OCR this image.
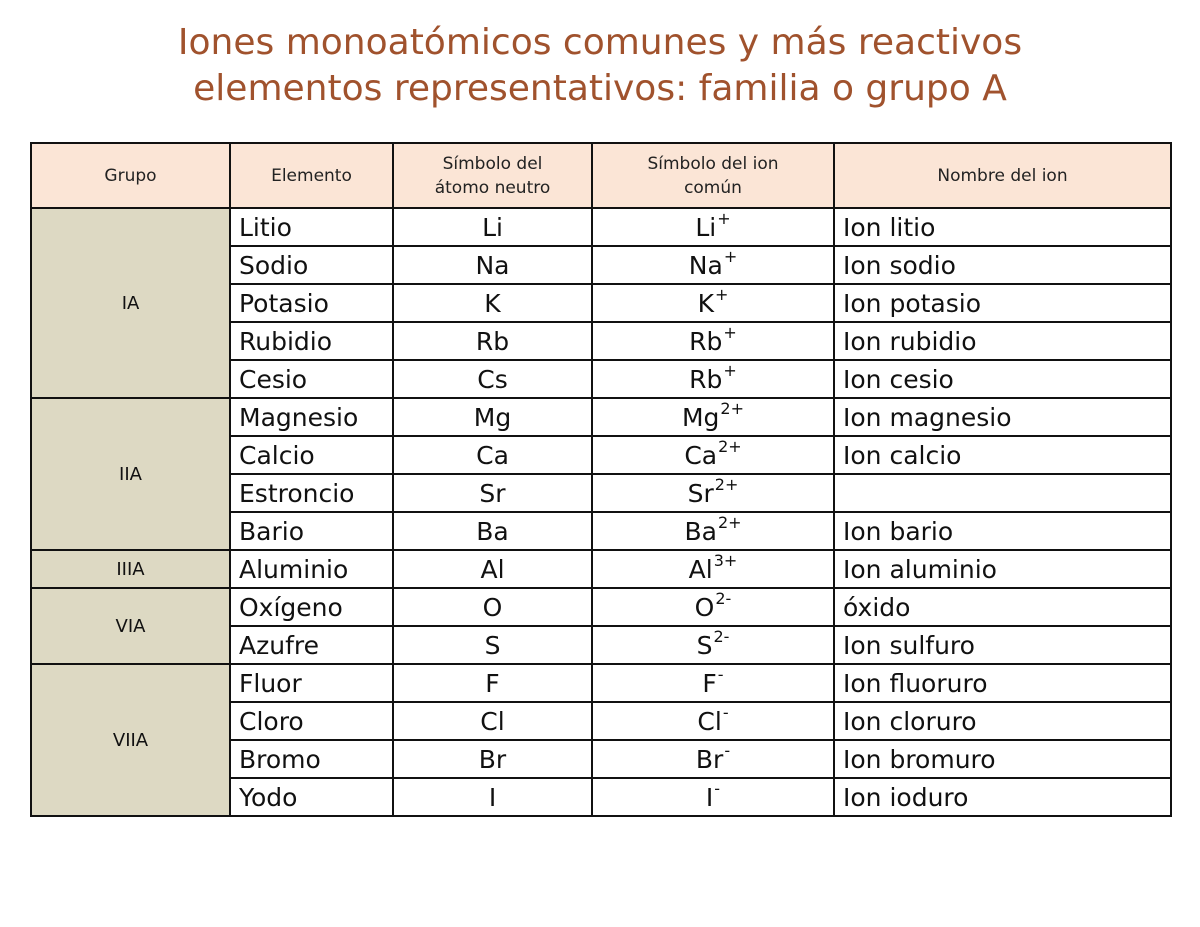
Iones monoatómicos comunes y más reactivos
elementos representativos: familia o grupo A
Grupo	Elemento	Símbolo del átomo neutro	Símbolo del ion común	Nombre del ion
IA	Litio	Li	Li+	Ion litio
	Sodio	Na	Na+	Ion sodio
	Potasio	K	K+	Ion potasio
	Rubidio	Rb	Rb+	Ion rubidio
	Cesio	Cs	Rb+	Ion cesio
IIA	Magnesio	Mg	$Mg^{2+}$	Ion magnesio
	Calcio	Ca	$Ca^{2+}$	Ion calcio
	Estroncio	Sr	$Sr^{2+}$	
	Bario	Ba	$Ba^{2+}$	Ion bario
IIIA	Aluminio	Al	$Al^{3+}$	Ion aluminio
VIA	Oxígeno	O	$O^{2-}$	óxido
	Azufre	S	$S^{2-}$	Ion sulfuro
VIIA	Fluor	F	F-	Ion fluoruro
	Cloro	Cl	Cl-	Ion cloruro
	Bromo	Br	Br-	Ion bromuro
	Yodo	I	I-	Ion ioduro
